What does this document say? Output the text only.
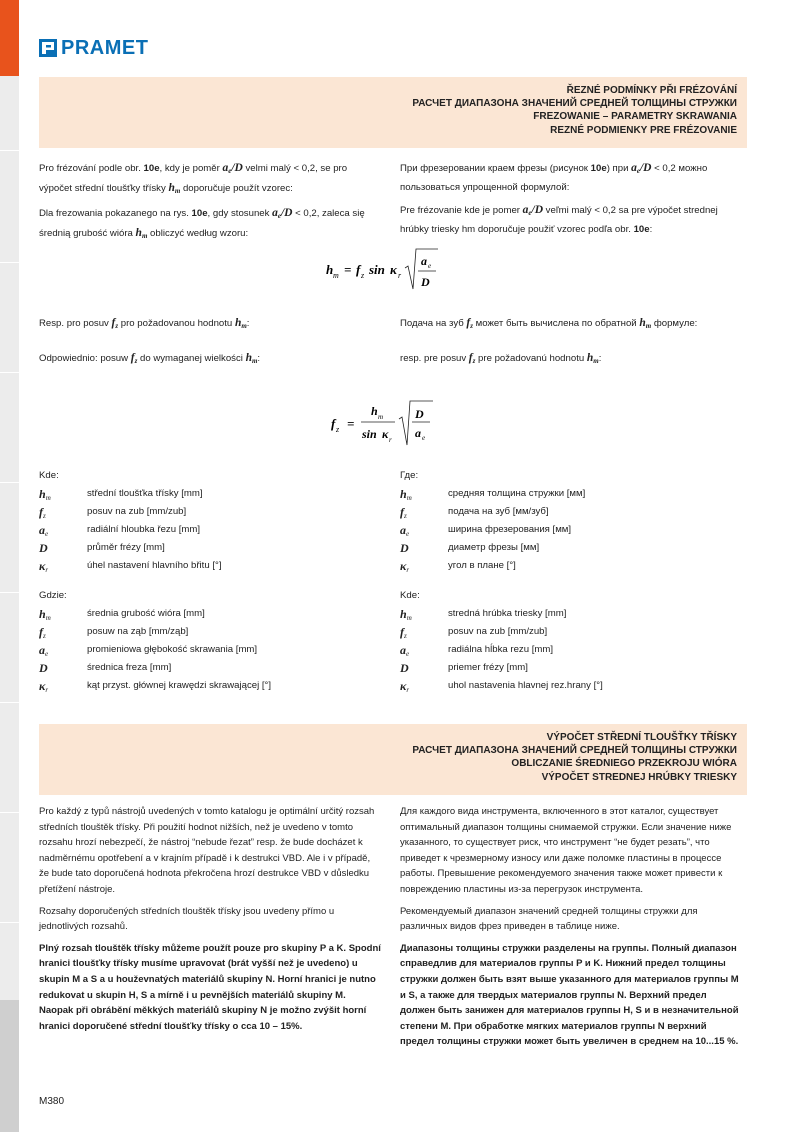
PRAMET
ŘEZNÉ PODMÍNKY PŘI FRÉZOVÁNÍ
РАСЧЕТ ДИАПАЗОНА ЗНАЧЕНИЙ СРЕДНЕЙ ТОЛЩИНЫ СТРУЖКИ
FREZOWANIE – PARAMETRY SKRAWANIA
REZNÉ PODMIENKY PRE FRÉZOVANIE

Pro frézování podle obr. 10e, kdy je poměr $a_e/D$ velmi malý < 0,2, se pro výpočet střední tloušťky třísky $h_m$ doporučuje použít vzorec:

Dla frezowania pokazanego na rys. 10e, gdy stosunek $a_e/D < 0,2$, zaleca się średnią grubość wióra $h_m$ obliczyć według wzoru:

При фрезеровании краем фрезы (рисунок 10e) при $a_e/D < 0,2$ можно пользоваться упрощенной формулой:

Pre frézovanie kde je pomer $a_e/D$ veľmi malý < 0,2 sa pre výpočet strednej hrúbky triesky hm doporučuje použiť vzorec podľa obr. 10e:

h m = f z sin κ r
a e
D
Resp. pro posuv $f_z$ pro požadovanou hodnotu $h_m$:	Подача на зуб $f_z$ может быть вычислена по обратной $h_m$ формуле:
Odpowiednio: posuw $f_z$ do wymaganej wielkości $h_m$:	resp. pre posuv $f_z$ pre požadovanú hodnotu $h_m$:
f z =
h m
sin κ r
D
a e
Kde:
$h_m$	střední tloušťka třísky [mm]
$f_z$	posuv na zub [mm/zub]
$a_e$	radiální hloubka řezu [mm]
D	průměr frézy [mm]
$\kappa_r$	úhel nastavení hlavního břitu [°]
Где:
$h_m$	средняя толщина стружки [мм]
$f_z$	подача на зуб [мм/зуб]
$a_e$	ширина фрезерования [мм]
D	диаметр фрезы [мм]
$\kappa_r$	угол в плане [°]
Gdzie:
$h_m$	średnia grubość wióra [mm]
$f_z$	posuw na ząb [mm/ząb]
$a_e$	promieniowa głębokość skrawania [mm]
D	średnica freza [mm]
$\kappa_r$	kąt przyst. głównej krawędzi skrawającej [°]
Kde:
$h_m$	stredná hrúbka triesky [mm]
$f_z$	posuv na zub [mm/zub]
$a_e$	radiálna hĺbka rezu [mm]
D	priemer frézy [mm]
$\kappa_r$	uhol nastavenia hlavnej rez.hrany [°]
VÝPOČET STŘEDNÍ TLOUŠŤKY TŘÍSKY
РАСЧЕТ ДИАПАЗОНА ЗНАЧЕНИЙ СРЕДНЕЙ ТОЛЩИНЫ СТРУЖКИ
OBLICZANIE ŚREDNIEGO PRZEKROJU WIÓRA
VÝPOČET STREDNEJ HRÚBKY TRIESKY

Pro každý z typů nástrojů uvedených v tomto katalogu je optimální určitý rozsah středních tlouštěk třísky. Při použití hodnot nižších, než je uvedeno v tomto rozsahu hrozí nebezpečí, že nástroj “nebude řezat” resp. že bude docházet k nadměrnému opotřebení a v krajním případě i k destrukci VBD. Ale i v případě, že bude tato doporučená hodnota překročena hrozí destrukce VBD v důsledku přetížení nástroje.

Rozsahy doporučených středních tlouštěk třísky jsou uvedeny přímo u jednotlivých rozsahů.

Plný rozsah tlouštěk třísky můžeme použít pouze pro skupiny P a K. Spodní hranici tloušťky třísky musíme upravovat (brát vyšší než je uvedeno) u skupin M a S a u houževnatých materiálů skupiny N. Horní hranici je nutno redukovat u skupin H, S a mírně i u pevnějších materiálů skupiny M. Naopak při obrábění měkkých materiálů skupiny N je možno zvýšit horní hranici doporučené střední tloušťky třísky o cca 10 – 15%.

Для каждого вида инструмента, включенного в этот каталог, существует оптимальный диапазон толщины снимаемой стружки. Если значение ниже указанного, то существует риск, что инструмент “не будет резать”, что приведет к чрезмерному износу или даже поломке пластины в процессе работы. Превышение рекомендуемого значения также может привести к повреждению пластины из-за перегрузок инструмента.

Рекомендуемый диапазон значений средней толщины стружки для различных видов фрез приведен в таблице ниже.

Диапазоны толщины стружки разделены на группы. Полный диапазон справедлив для материалов группы P и K. Нижний предел толщины стружки должен быть взят выше указанного для материалов группы M и S, а также для твердых материалов группы N. Верхний предел должен быть занижен для материалов группы H, S и в незначительной степени M. При обработке мягких материалов группы N верхний предел толщины стружки может быть увеличен в среднем на 10...15 %.

M380
